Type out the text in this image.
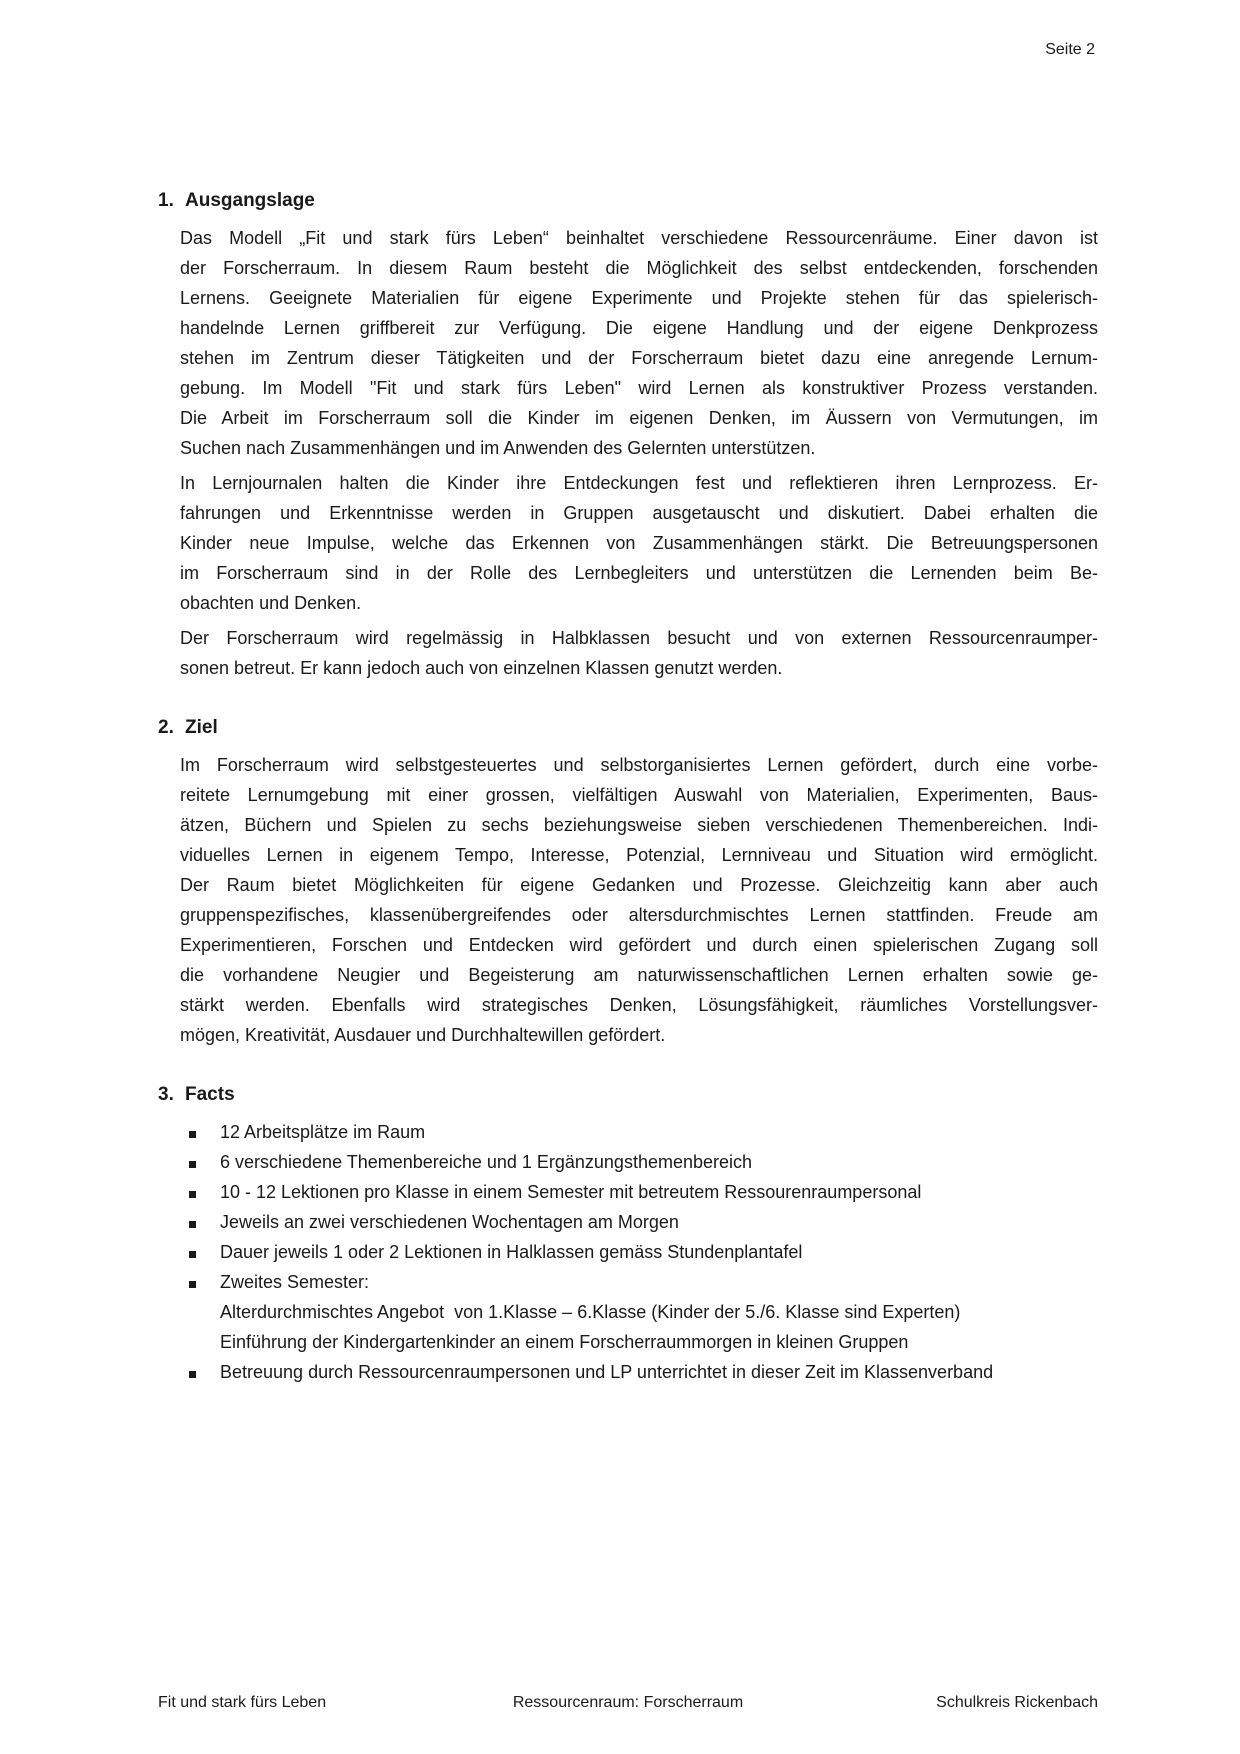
Seite 2
1. Ausgangslage
Das Modell „Fit und stark fürs Leben“ beinhaltet verschiedene Ressourcenräume. Einer davon ist
der Forscherraum. In diesem Raum besteht die Möglichkeit des selbst entdeckenden, forschenden
Lernens. Geeignete Materialien für eigene Experimente und Projekte stehen für das spielerisch-
handelnde Lernen griffbereit zur Verfügung. Die eigene Handlung und der eigene Denkprozess
stehen im Zentrum dieser Tätigkeiten und der Forscherraum bietet dazu eine anregende Lernum-
gebung. Im Modell "Fit und stark fürs Leben" wird Lernen als konstruktiver Prozess verstanden.
Die Arbeit im Forscherraum soll die Kinder im eigenen Denken, im Äussern von Vermutungen, im
Suchen nach Zusammenhängen und im Anwenden des Gelernten unterstützen.
In Lernjournalen halten die Kinder ihre Entdeckungen fest und reflektieren ihren Lernprozess. Er-
fahrungen und Erkenntnisse werden in Gruppen ausgetauscht und diskutiert. Dabei erhalten die
Kinder neue Impulse, welche das Erkennen von Zusammenhängen stärkt. Die Betreuungspersonen
im Forscherraum sind in der Rolle des Lernbegleiters und unterstützen die Lernenden beim Be-
obachten und Denken.
Der Forscherraum wird regelmässig in Halbklassen besucht und von externen Ressourcenraumper-
sonen betreut. Er kann jedoch auch von einzelnen Klassen genutzt werden.
2. Ziel
Im Forscherraum wird selbstgesteuertes und selbstorganisiertes Lernen gefördert, durch eine vorbe-
reitete Lernumgebung mit einer grossen, vielfältigen Auswahl von Materialien, Experimenten, Baus-
ätzen, Büchern und Spielen zu sechs beziehungsweise sieben verschiedenen Themenbereichen. Indi-
viduelles Lernen in eigenem Tempo, Interesse, Potenzial, Lernniveau und Situation wird ermöglicht.
Der Raum bietet Möglichkeiten für eigene Gedanken und Prozesse. Gleichzeitig kann aber auch
gruppenspezifisches, klassenübergreifendes oder altersdurchmischtes Lernen stattfinden. Freude am
Experimentieren, Forschen und Entdecken wird gefördert und durch einen spielerischen Zugang soll
die vorhandene Neugier und Begeisterung am naturwissenschaftlichen Lernen erhalten sowie ge-
stärkt werden. Ebenfalls wird strategisches Denken, Lösungsfähigkeit, räumliches Vorstellungsver-
mögen, Kreativität, Ausdauer und Durchhaltewillen gefördert.
3. Facts
12 Arbeitsplätze im Raum
6 verschiedene Themenbereiche und 1 Ergänzungsthemenbereich
10 - 12 Lektionen pro Klasse in einem Semester mit betreutem Ressourenraumpersonal
Jeweils an zwei verschiedenen Wochentagen am Morgen
Dauer jeweils 1 oder 2 Lektionen in Halklassen gemäss Stundenplantafel
Zweites Semester:
Alterdurchmischtes Angebot  von 1.Klasse – 6.Klasse (Kinder der 5./6. Klasse sind Experten)
Einführung der Kindergartenkinder an einem Forscherraummorgen in kleinen Gruppen
Betreuung durch Ressourcenraumpersonen und LP unterrichtet in dieser Zeit im Klassenverband
Ressourcenraum: Forscherraum
Fit und stark fürs Leben	Schulkreis Rickenbach
